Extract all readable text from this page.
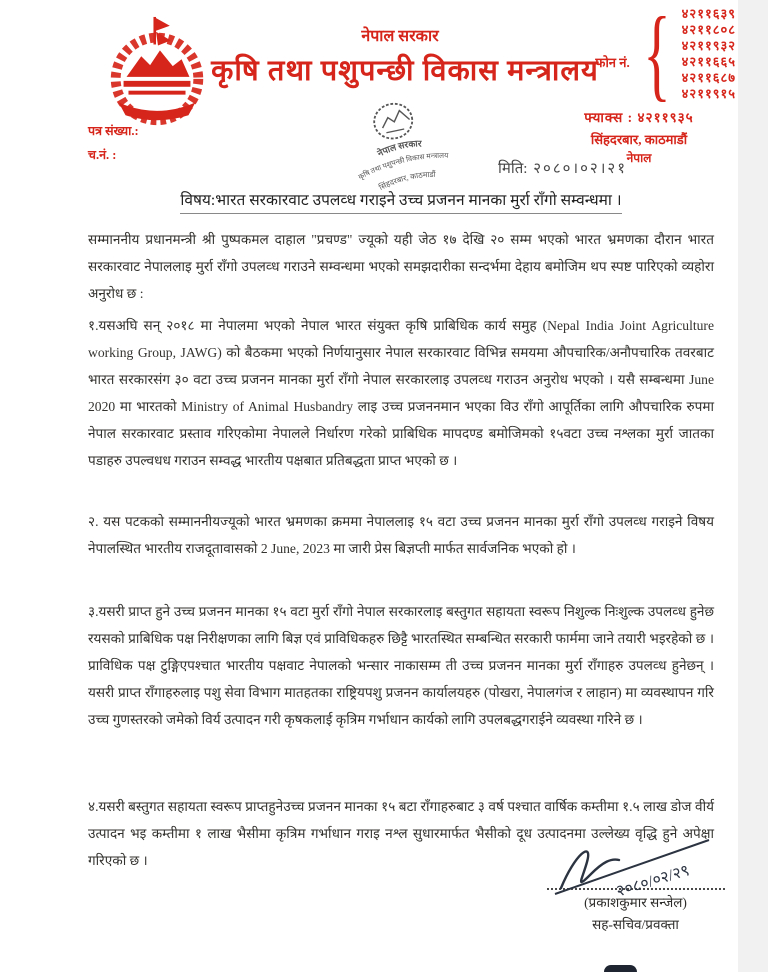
नेपाल सरकार
कृषि तथा पशुपन्छी विकास मन्त्रालय
फोन नं. { ४२११६३९
४२११८०८
४२११९३२
४२११६६५
४२११६८७
४२११९१५
फ्याक्स : ४२११९३५
सिंहदरबार, काठमाडौं
नेपाल
पत्र संख्या.:
च.नं. :	नेपाल सरकार
कृषि तथा पशुपन्छी विकास मन्त्रालय
सिंहदरबार, काठमाडौं	मिति: २०८०।०२।२१
विषय:भारत सरकारवाट उपलव्ध गराइने उच्च प्रजनन मानका मुर्रा राँगो सम्वन्धमा ।

सम्माननीय प्रधानमन्त्री श्री पुष्पकमल दाहाल "प्रचण्ड" ज्यूको यही जेठ १७ देखि २० सम्म भएको भारत भ्रमणका दौरान भारत सरकारवाट नेपाललाइ मुर्रा राँगो उपलव्ध गराउने सम्वन्धमा भएको समझदारीका सन्दर्भमा देहाय बमोजिम थप स्पष्ट पारिएको व्यहोरा अनुरोध छ :

१.यसअघि सन् २०१८ मा नेपालमा भएको नेपाल भारत संयुक्त कृषि प्राबिधिक कार्य समुह (Nepal India Joint Agriculture working Group, JAWG) को बैठकमा भएको निर्णयानुसार नेपाल सरकारवाट विभिन्न समयमा औपचारिक/अनौपचारिक तवरबाट भारत सरकारसंग ३० वटा उच्च प्रजनन मानका मुर्रा राँगो नेपाल सरकारलाइ उपलव्ध गराउन अनुरोध भएको । यसै सम्बन्धमा June 2020 मा भारतको Ministry of Animal Husbandry लाइ उच्च प्रजननमान भएका विउ राँगो आपूर्तिका लागि औपचारिक रुपमा नेपाल सरकारवाट प्रस्ताव गरिएकोमा नेपालले निर्धारण गरेको प्राबिधिक मापदण्ड बमोजिमको १५वटा उच्च नश्लका मुर्रा जातका पडाहरु उपल्वधध गराउन सम्वद्ध भारतीय पक्षबात प्रतिबद्धता प्राप्त भएको छ ।

२. यस पटकको सम्माननीयज्यूको भारत भ्रमणका क्रममा नेपाललाइ १५ वटा उच्च प्रजनन मानका मुर्रा राँगो उपलव्ध गराइने विषय नेपालस्थित भारतीय राजदूतावासको 2 June, 2023 मा जारी प्रेस बिज्ञप्ती मार्फत सार्वजनिक भएको हो ।

३.यसरी प्राप्त हुने उच्च प्रजनन मानका १५ वटा मुर्रा राँगो नेपाल सरकारलाइ बस्तुगत सहायता स्वरूप निशुल्क निःशुल्क उपलव्ध हुनेछ रयसको प्राबिधिक पक्ष निरीक्षणका लागि बिज्ञ एवं प्राविधिकहरु छिट्टै भारतस्थित सम्बन्धित सरकारी फार्ममा जाने तयारी भइरहेको छ । प्राविधिक पक्ष टुङ्गिएपश्चात भारतीय पक्षवाट नेपालको भन्सार नाकासम्म ती उच्च प्रजनन मानका मुर्रा राँगाहरु उपलव्ध हुनेछन् । यसरी प्राप्त राँगाहरुलाइ पशु सेवा विभाग मातहतका राष्ट्रियपशु प्रजनन कार्यालयहरु (पोखरा, नेपालगंज र लाहान) मा व्यवस्थापन गरि उच्च गुणस्तरको जमेको विर्य उत्पादन गरी कृषकलाई कृत्रिम गर्भाधान कार्यको लागि उपलबद्धगराईने व्यवस्था गरिने छ ।

४.यसरी बस्तुगत सहायता स्वरूप प्राप्तहुनेउच्च प्रजनन मानका १५ बटा राँगाहरुबाट ३ वर्ष पश्चात वार्षिक कम्तीमा १.५ लाख डोज वीर्य उत्पादन भइ कम्तीमा १ लाख भैसीमा कृत्रिम गर्भाधान गराइ नश्ल सुधारमार्फत भैसीको दूध उत्पादनमा उल्लेख्य वृद्धि हुने अपेक्षा गरिएको छ ।

२०८०/०२/२९
(प्रकाशकुमार सन्जेल)
सह-सचिव/प्रवक्ता
